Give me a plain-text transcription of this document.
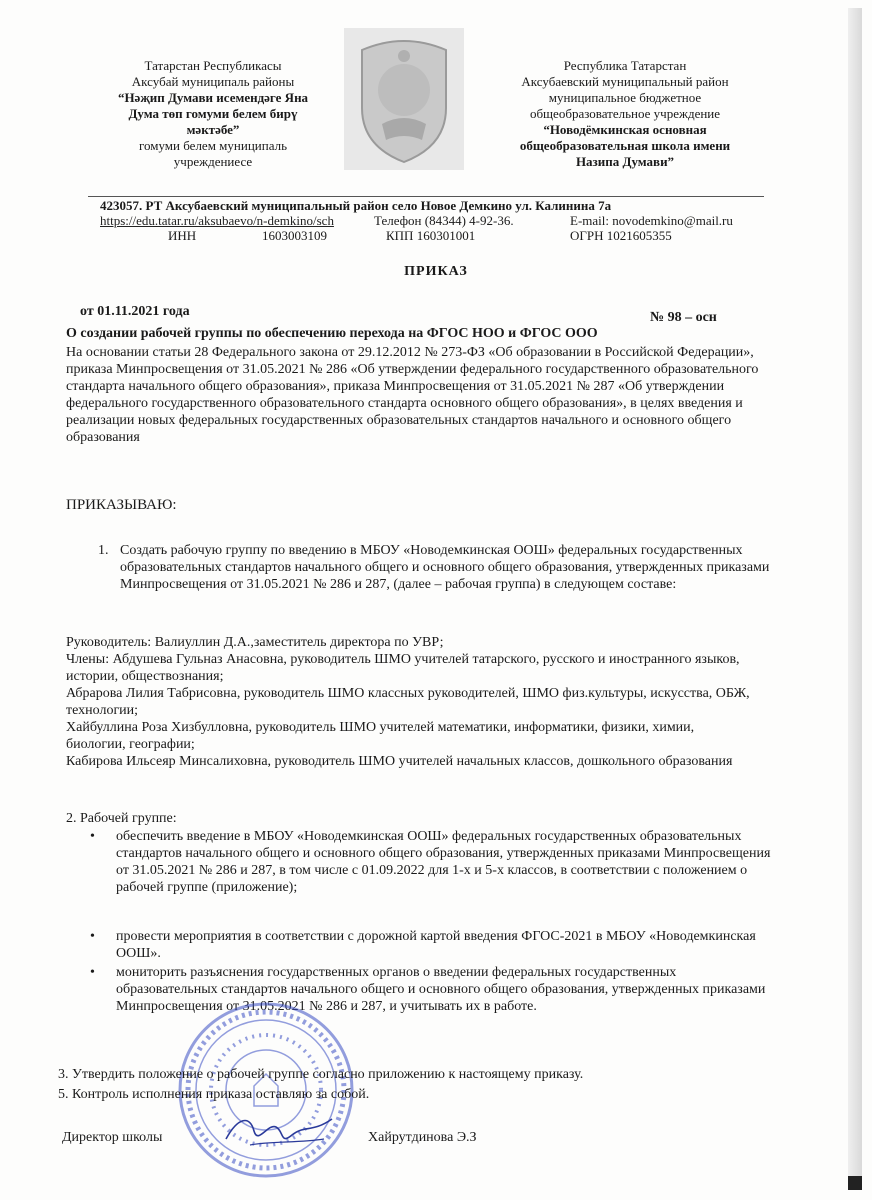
Татарстан Республикасы
Аксубай муниципаль районы
“Нәҗип Думави исемендәге Яна
Дума төп гомуми белем бирү
мәктәбе”
гомуми белем муниципаль
учреждениесе
Республика Татарстан
Аксубаевский муниципальный район
муниципальное бюджетное
общеобразовательное учреждение
“Новодёмкинская основная
общеобразовательная школа имени
Назипа Думави”
423057. РТ Аксубаевский муниципальный район село Новое Демкино ул. Калинина 7а
https://edu.tatar.ru/aksubaevo/n-demkino/sch	Телефон (84344) 4-92-36.	E-mail: novodemkino@mail.ru
ИНН	1603003109	КПП 160301001	ОГРН 1021605355
ПРИКАЗ
от 01.11.2021 года	№ 98 – осн
О создании рабочей группы по обеспечению перехода на ФГОС НОО и ФГОС ООО
На основании статьи 28 Федерального закона от 29.12.2012 № 273-ФЗ «Об образовании в Российской Федерации», приказа Минпросвещения от 31.05.2021 № 286 «Об утверждении федерального государственного образовательного стандарта начального общего образования», приказа Минпросвещения от 31.05.2021 № 287 «Об утверждении федерального государственного образовательного стандарта основного общего образования», в целях введения и реализации новых федеральных государственных образовательных стандартов начального и основного общего образования
ПРИКАЗЫВАЮ:
1. Создать рабочую группу по введению в МБОУ «Новодемкинская ООШ» федеральных государственных образовательных стандартов начального общего и основного общего образования, утвержденных приказами Минпросвещения от 31.05.2021 № 286 и 287, (далее – рабочая группа) в следующем составе:
Руководитель: Валиуллин Д.А.,заместитель директора по УВР;
Члены: Абдушева Гульназ Анасовна, руководитель ШМО учителей татарского, русского и иностранного языков, истории, обществознания;
Абрарова Лилия Табрисовна, руководитель ШМО классных руководителей, ШМО физ.культуры, искусства, ОБЖ, технологии;
Хайбуллина Роза Хизбулловна, руководитель ШМО учителей математики, информатики, физики, химии, биологии, географии;
Кабирова Ильсеяр Минсалиховна, руководитель ШМО учителей начальных классов, дошкольного образования
2. Рабочей группе:
• обеспечить введение в МБОУ «Новодемкинская ООШ» федеральных государственных образовательных стандартов начального общего и основного общего образования, утвержденных приказами Минпросвещения от 31.05.2021 № 286 и 287, в том числе с 01.09.2022 для 1-х и 5-х классов, в соответствии с положением о рабочей группе (приложение);
• провести мероприятия в соответствии с дорожной картой введения ФГОС-2021 в МБОУ «Новодемкинская ООШ».
• мониторить разъяснения государственных органов о введении федеральных государственных образовательных стандартов начального общего и основного общего образования, утвержденных приказами Минпросвещения от 31.05.2021 № 286 и 287, и учитывать их в работе.
3. Утвердить положение о рабочей группе согласно приложению к настоящему приказу.
5. Контроль исполнения приказа оставляю за собой.
Директор школы	Хайрутдинова Э.З
